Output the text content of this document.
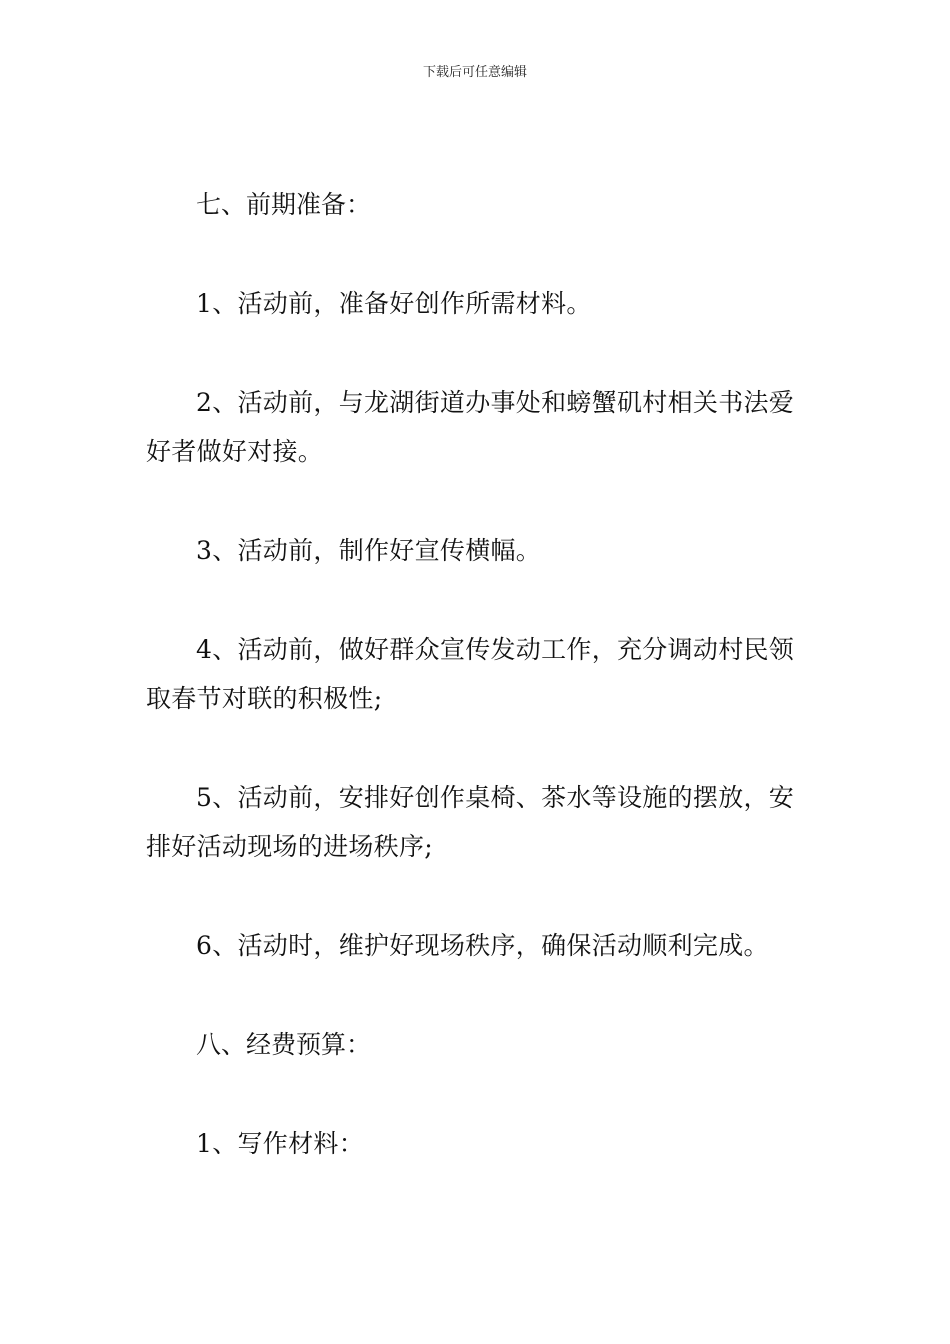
下载后可任意编辑

七、前期准备：

1、活动前，准备好创作所需材料。

2、活动前，与龙湖街道办事处和螃蟹矶村相关书法爱好者做好对接。

3、活动前，制作好宣传横幅。

4、活动前，做好群众宣传发动工作，充分调动村民领取春节对联的积极性;

5、活动前，安排好创作桌椅、茶水等设施的摆放，安排好活动现场的进场秩序;

6、活动时，维护好现场秩序，确保活动顺利完成。

八、经费预算：

1、写作材料：
